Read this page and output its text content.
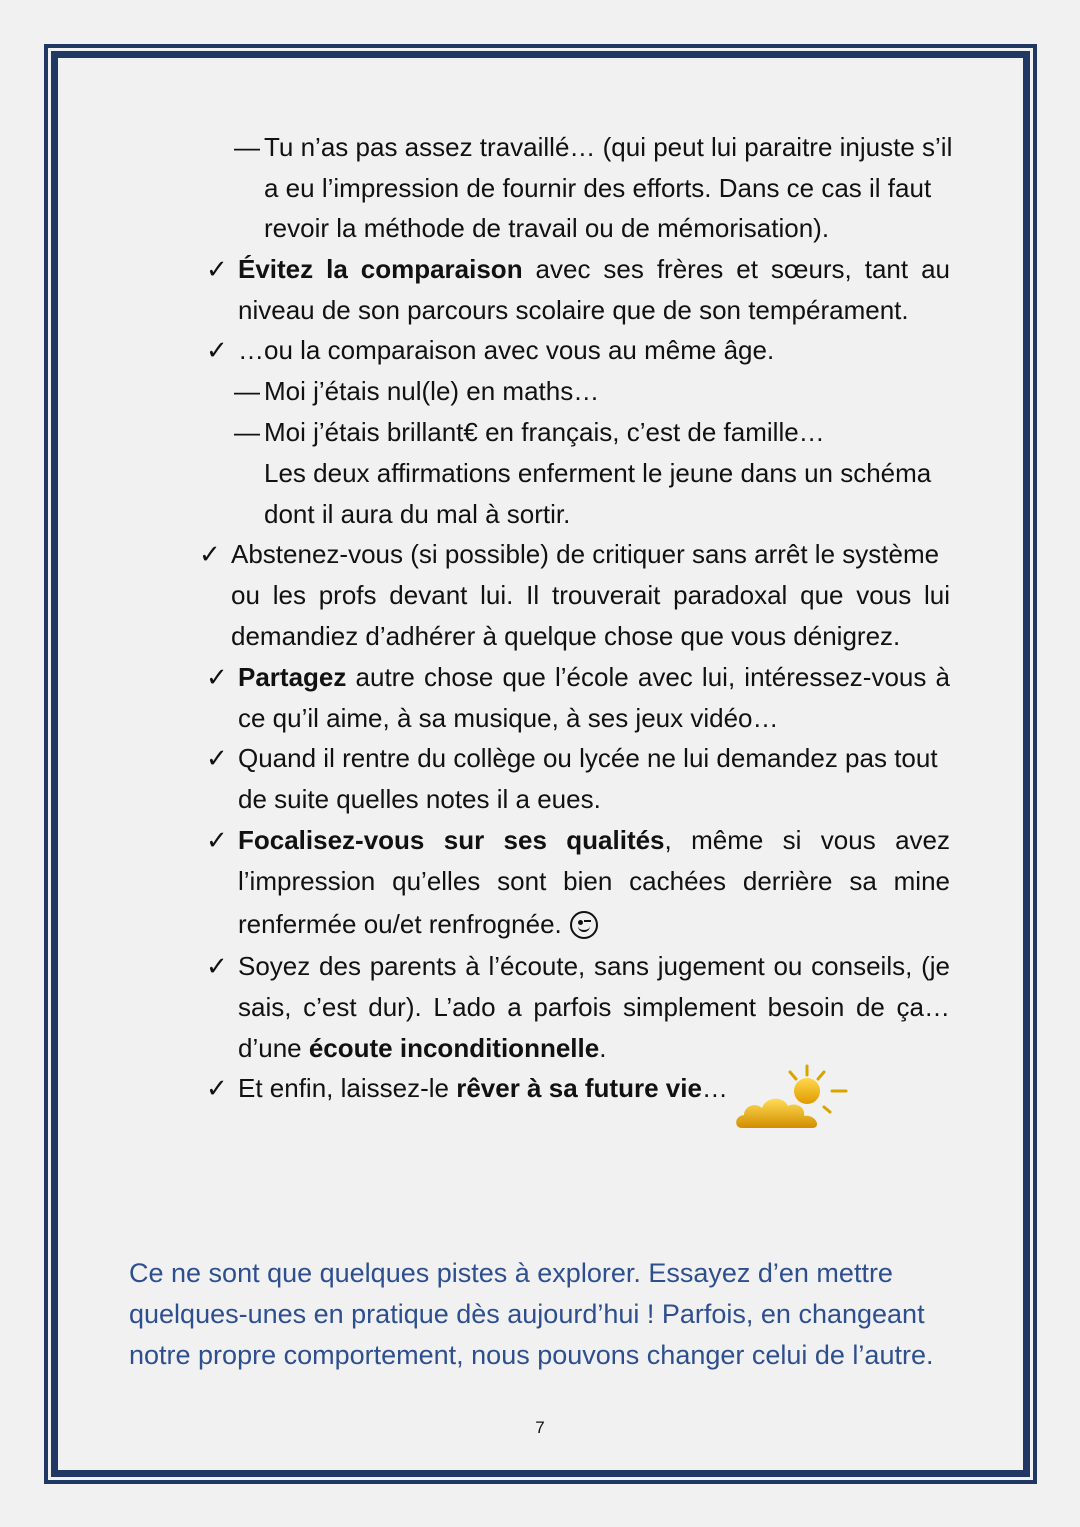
— Tu n’as pas assez travaillé… (qui peut lui paraitre injuste s’il
a eu l’impression de fournir des efforts. Dans ce cas il faut
revoir la méthode de travail ou de mémorisation).
✓ Évitez la comparaison avec ses frères et sœurs, tant au
niveau de son parcours scolaire que de son tempérament.
✓ …ou la comparaison avec vous au même âge.
— Moi j’étais nul(le) en maths…
— Moi j’étais brillant€ en français, c’est de famille…
Les deux affirmations enferment le jeune dans un schéma
dont il aura du mal à sortir.
✓ Abstenez-vous (si possible) de critiquer sans arrêt le système
ou les profs devant lui. Il trouverait paradoxal que vous lui
demandiez d’adhérer à quelque chose que vous dénigrez.
✓ Partagez autre chose que l’école avec lui, intéressez-vous à
ce qu’il aime, à sa musique, à ses jeux vidéo…
✓ Quand il rentre du collège ou lycée ne lui demandez pas tout
de suite quelles notes il a eues.
✓ Focalisez-vous sur ses qualités, même si vous avez
l’impression qu’elles sont bien cachées derrière sa mine
renfermée ou/et renfrognée.
✓ Soyez des parents à l’écoute, sans jugement ou conseils, (je
sais, c’est dur). L’ado a parfois simplement besoin de ça…
d’une écoute inconditionnelle.
✓ Et enfin, laissez-le rêver à sa future vie…
Ce ne sont que quelques pistes à explorer. Essayez d’en mettre
quelques-unes en pratique dès aujourd’hui ! Parfois, en changeant
notre propre comportement, nous pouvons changer celui de l’autre.
7
